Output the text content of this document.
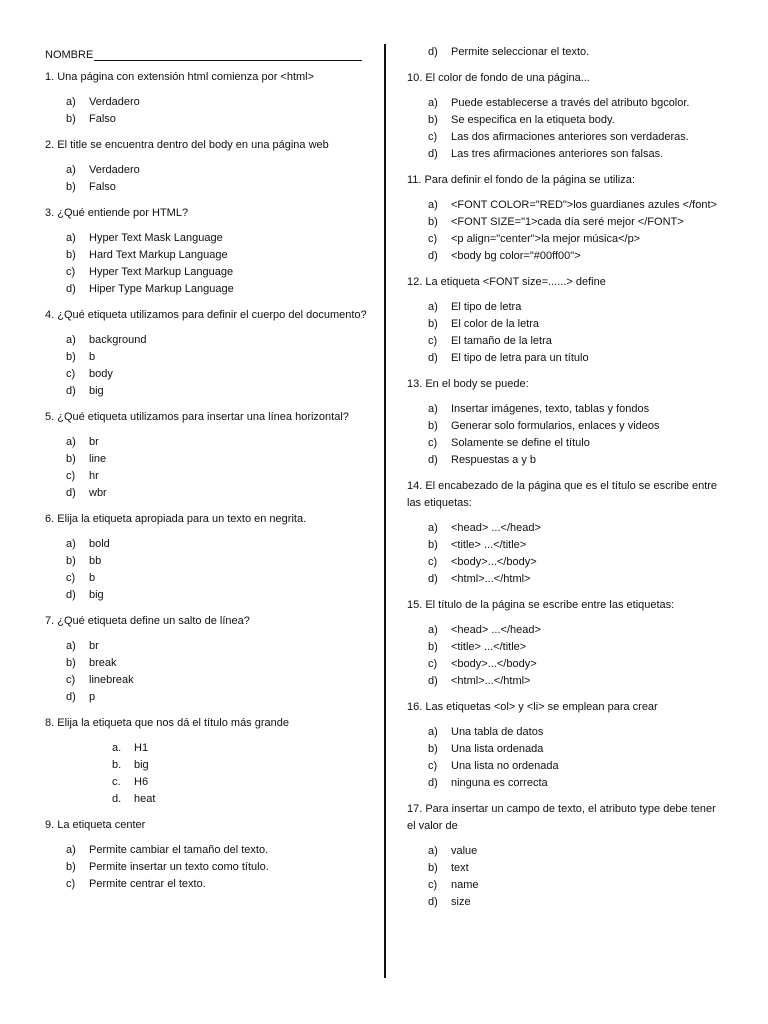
NOMBRE
1. Una página con extensión html comienza por <html>
a)	Verdadero
b)	Falso
2. El title se encuentra dentro del body en una página web
a)	Verdadero
b)	Falso
3. ¿Qué entiende por HTML?
a)	Hyper Text Mask Language
b)	Hard Text Markup Language
c)	Hyper Text Markup Language
d)	Hiper Type Markup Language
4. ¿Qué etiqueta utilizamos para definir el cuerpo del documento?
a)	background
b)	b
c)	body
d)	big
5. ¿Qué etiqueta utilizamos para insertar una línea horizontal?
a)	br
b)	line
c)	hr
d)	wbr
6. Elija la etiqueta apropiada para un texto en negrita.
a)	bold
b)	bb
c)	b
d)	big
7. ¿Qué etiqueta define un salto de línea?
a)	br
b)	break
c)	linebreak
d)	p
8. Elija la etiqueta que nos dá el título más grande
a.	H1
b.	big
c.	H6
d.	heat
9. La etiqueta center
a)	Permite cambiar el tamaño del texto.
b)	Permite insertar un texto como título.
c)	Permite centrar el texto.
d)	Permite seleccionar el texto.
10. El color de fondo de una página...
a)	Puede establecerse a través del atributo bgcolor.
b)	Se especifica en la etiqueta body.
c)	Las dos afirmaciones anteriores son verdaderas.
d)	Las tres afirmaciones anteriores son falsas.
11. Para definir el fondo de la página se utiliza:
a)	<FONT COLOR="RED">los guardianes azules </font>
b)	<FONT SIZE="1>cada día seré mejor </FONT>
c)	<p align="center">la mejor música</p>
d)	<body bg color="#00ff00">
12. La etiqueta <FONT size=......> define
a)	El tipo de letra
b)	El color de la letra
c)	El tamaño de la letra
d)	El tipo de letra para un título
13. En el body se puede:
a)	Insertar imágenes, texto, tablas y fondos
b)	Generar solo formularios, enlaces y videos
c)	Solamente se define el título
d)	Respuestas a y b
14. El encabezado de la página que es el título se escribe entre las etiquetas:
a)	<head> ...</head>
b)	<title> ...</title>
c)	<body>...</body>
d)	<html>...</html>
15. El título de la página se escribe entre las etiquetas:
a)	<head> ...</head>
b)	<title> ...</title>
c)	<body>...</body>
d)	<html>...</html>
16. Las etiquetas <ol> y <li> se emplean para crear
a)	Una tabla de datos
b)	Una lista ordenada
c)	Una lista no ordenada
d)	ninguna es correcta
17. Para insertar un campo de texto, el atributo type debe tener el valor de
a)	value
b)	text
c)	name
d)	size
